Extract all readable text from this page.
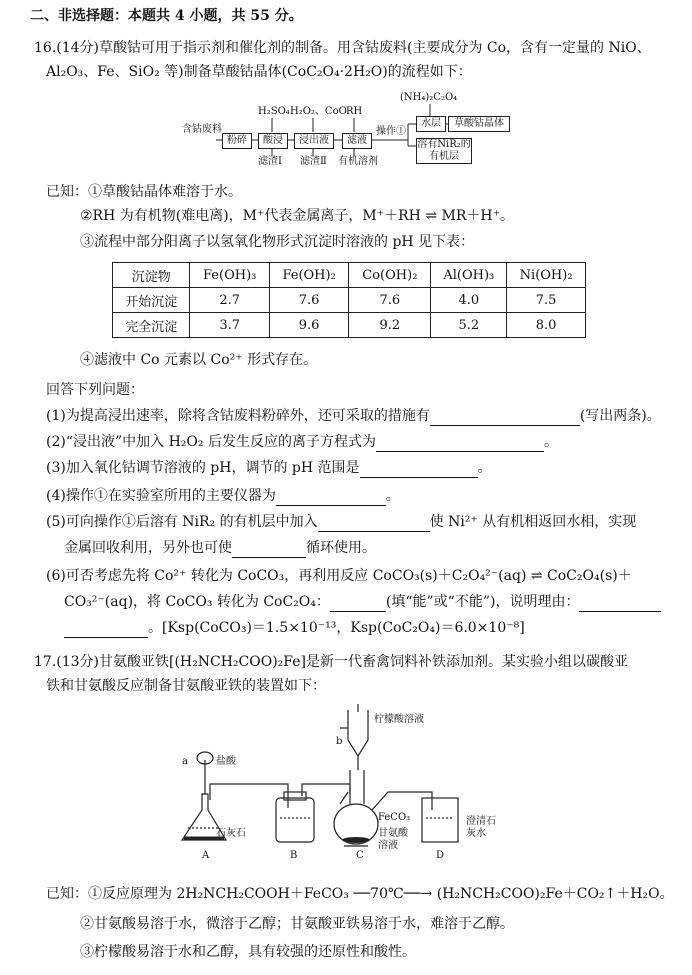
二、非选择题：本题共 4 小题，共 55 分。
16.(14分)草酸钴可用于指示剂和催化剂的制备。用含钴废料(主要成分为 Co，含有一定量的 NiO、
Al₂O₃、Fe、SiO₂ 等)制备草酸钴晶体(CoC₂O₄·2H₂O)的流程如下：
含钴废料
粉碎	酸浸	浸出液	滤液
水层	草酸钴晶体
溶有NiR₂的有机层
H₂SO₄ H₂O₂、CoO RH
(NH₄)₂C₂O₄
操作①
滤渣Ⅰ 滤渣Ⅱ 有机溶剂
已知：①草酸钴晶体难溶于水。
②RH 为有机物(难电离)，M⁺代表金属离子，M⁺＋RH ⇌ MR＋H⁺。
③流程中部分阳离子以氢氧化物形式沉淀时溶液的 pH 见下表：
沉淀物	Fe(OH)₃	Fe(OH)₂	Co(OH)₂	Al(OH)₃	Ni(OH)₂
开始沉淀	2.7	7.6	7.6	4.0	7.5
完全沉淀	3.7	9.6	9.2	5.2	8.0
④滤液中 Co 元素以 Co²⁺ 形式存在。
回答下列问题：
(1)为提高浸出速率，除将含钴废料粉碎外，还可采取的措施有	(写出两条)。
(2)“浸出液”中加入 H₂O₂ 后发生反应的离子方程式为	。
(3)加入氧化钴调节溶液的 pH，调节的 pH 范围是	。
(4)操作①在实验室所用的主要仪器为	。
(5)可向操作①后溶有 NiR₂ 的有机层中加入	使 Ni²⁺ 从有机相返回水相，实现
金属回收利用，另外也可使	循环使用。
(6)可否考虑先将 Co²⁺ 转化为 CoCO₃，再利用反应 CoCO₃(s)＋C₂O₄²⁻(aq) ⇌ CoC₂O₄(s)＋
CO₃²⁻(aq)，将 CoCO₃ 转化为 CoC₂O₄：	(填“能”或“不能”)，说明理由：
。[Ksp(CoCO₃)＝1.5×10⁻¹³，Ksp(CoC₂O₄)＝6.0×10⁻⁸]
17.(13分)甘氨酸亚铁[(H₂NCH₂COO)₂Fe]是新一代畜禽饲料补铁添加剂。某实验小组以碳酸亚
铁和甘氨酸反应制备甘氨酸亚铁的装置如下：
a	盐酸
石灰石
b
柠檬酸溶液
FeCO₃
甘氨酸溶液
澄清石灰水
A	B	C	D
已知：①反应原理为 2H₂NCH₂COOH＋FeCO₃ ──70℃──→ (H₂NCH₂COO)₂Fe＋CO₂↑＋H₂O。
②甘氨酸易溶于水，微溶于乙醇；甘氨酸亚铁易溶于水，难溶于乙醇。
③柠檬酸易溶于水和乙醇，具有较强的还原性和酸性。
